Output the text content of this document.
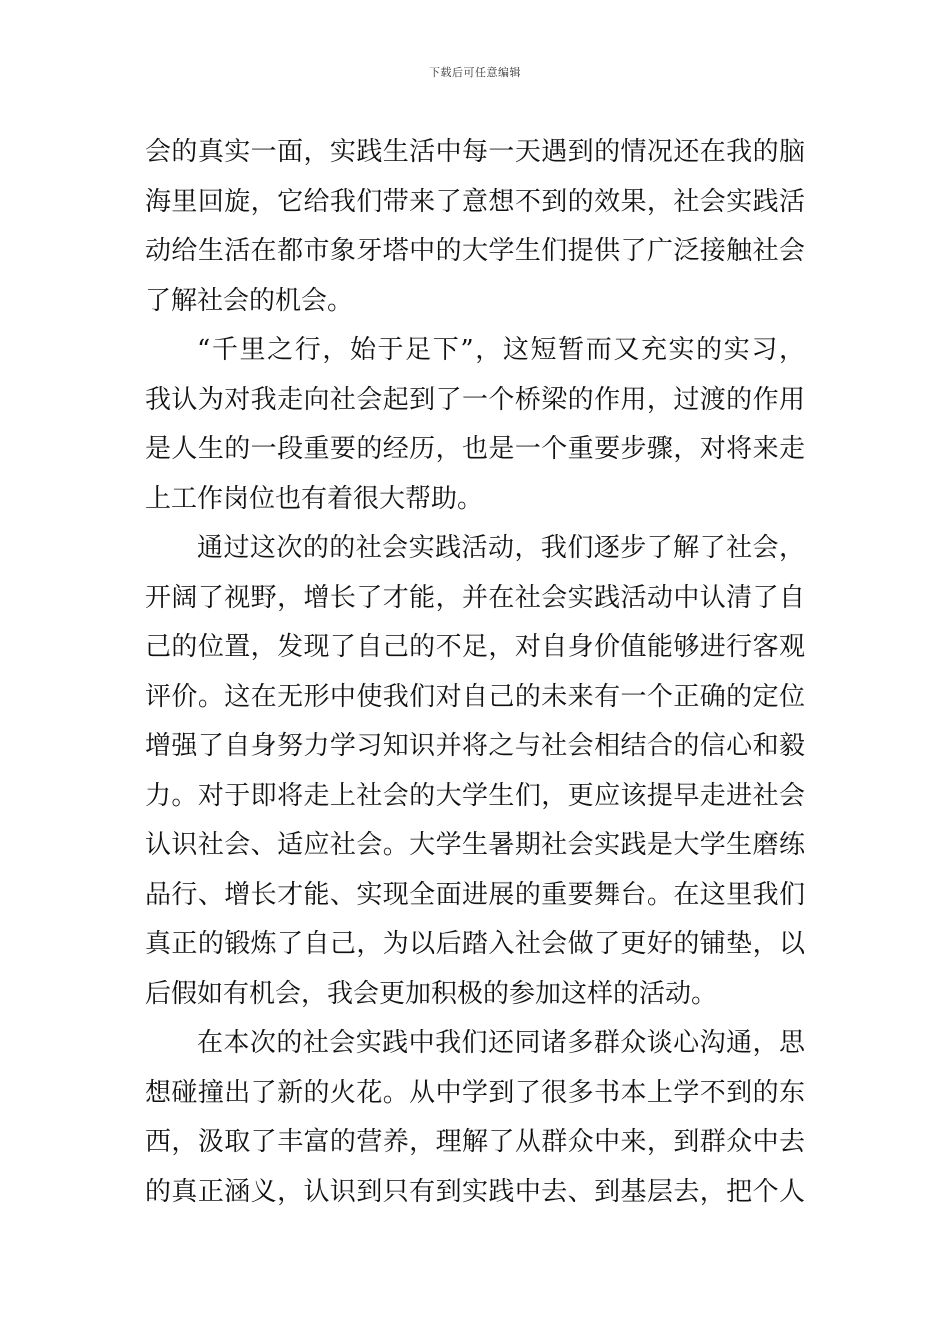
下载后可任意编辑
会的真实一面，实践生活中每一天遇到的情况还在我的脑
海里回旋，它给我们带来了意想不到的效果，社会实践活
动给生活在都市象牙塔中的大学生们提供了广泛接触社会
了解社会的机会。
“千里之行，始于足下”，这短暂而又充实的实习，
我认为对我走向社会起到了一个桥梁的作用，过渡的作用
是人生的一段重要的经历，也是一个重要步骤，对将来走
上工作岗位也有着很大帮助。
通过这次的的社会实践活动，我们逐步了解了社会，
开阔了视野，增长了才能，并在社会实践活动中认清了自
己的位置，发现了自己的不足，对自身价值能够进行客观
评价。这在无形中使我们对自己的未来有一个正确的定位
增强了自身努力学习知识并将之与社会相结合的信心和毅
力。对于即将走上社会的大学生们，更应该提早走进社会
认识社会、适应社会。大学生暑期社会实践是大学生磨练
品行、增长才能、实现全面进展的重要舞台。在这里我们
真正的锻炼了自己，为以后踏入社会做了更好的铺垫，以
后假如有机会，我会更加积极的参加这样的活动。
在本次的社会实践中我们还同诸多群众谈心沟通，思
想碰撞出了新的火花。从中学到了很多书本上学不到的东
西，汲取了丰富的营养，理解了从群众中来，到群众中去
的真正涵义，认识到只有到实践中去、到基层去，把个人
